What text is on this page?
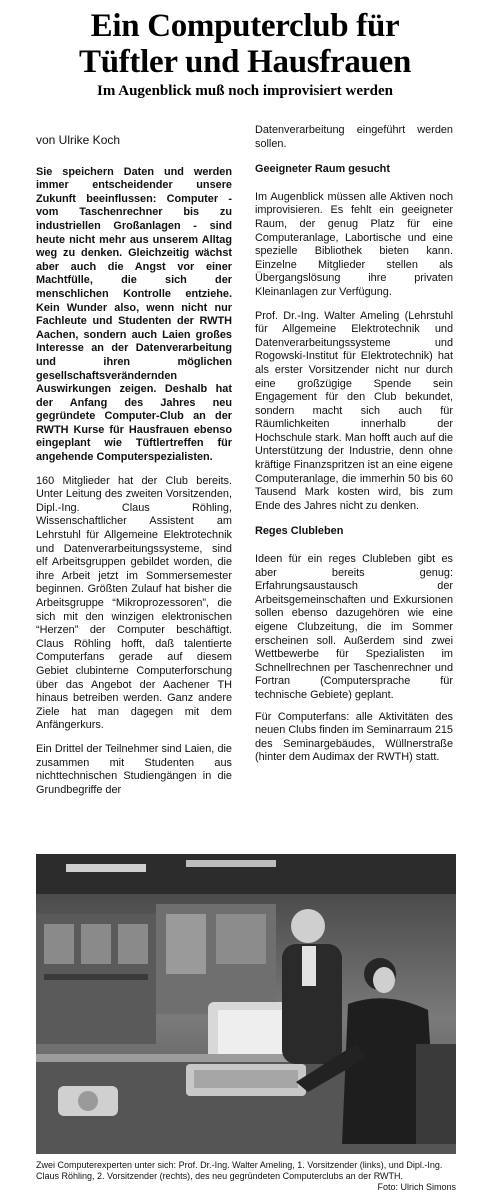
Ein Computerclub für
Tüftler und Hausfrauen
Im Augenblick muß noch improvisiert werden
von Ulrike Koch

Sie speichern Daten und werden immer entscheidender unsere Zukunft beeinflussen: Computer - vom Taschenrechner bis zu industriellen Großanlagen - sind heute nicht mehr aus unserem Alltag weg zu denken. Gleichzeitig wächst aber auch die Angst vor einer Machtfülle, die sich der menschlichen Kontrolle entziehe. Kein Wunder also, wenn nicht nur Fachleute und Studenten der RWTH Aachen, sondern auch Laien großes Interesse an der Datenverarbeitung und ihren möglichen gesellschaftsverändernden Auswirkungen zeigen. Deshalb hat der Anfang des Jahres neu gegründete Computer-Club an der RWTH Kurse für Hausfrauen ebenso eingeplant wie Tüftlertreffen für angehende Computerspezialisten.

160 Mitglieder hat der Club bereits. Unter Leitung des zweiten Vorsitzenden, Dipl.-Ing. Claus Röhling, Wissenschaftlicher Assistent am Lehrstuhl für Allgemeine Elektrotechnik und Datenverarbeitungssysteme, sind elf Arbeitsgruppen gebildet worden, die ihre Arbeit jetzt im Sommersemester beginnen. Größten Zulauf hat bisher die Arbeitsgruppe “Mikroprozessoren”, die sich mit den winzigen elektronischen “Herzen” der Computer beschäftigt. Claus Röhling hofft, daß talentierte Computerfans gerade auf diesem Gebiet clubinterne Computerforschung über das Angebot der Aachener TH hinaus betreiben werden. Ganz andere Ziele hat man dagegen mit dem Anfängerkurs.

Ein Drittel der Teilnehmer sind Laien, die zusammen mit Studenten aus nichttechnischen Studiengängen in die Grundbegriffe der

Datenverarbeitung eingeführt werden sollen.

Geeigneter Raum gesucht

Im Augenblick müssen alle Aktiven noch improvisieren. Es fehlt ein geeigneter Raum, der genug Platz für eine Computeranlage, Labortische und eine spezielle Bibliothek bieten kann. Einzelne Mitglieder stellen als Übergangslösung ihre privaten Kleinanlagen zur Verfügung.

Prof. Dr.-Ing. Walter Ameling (Lehrstuhl für Allgemeine Elektrotechnik und Datenverarbeitungssysteme und Rogowski-Institut für Elektrotechnik) hat als erster Vorsitzender nicht nur durch eine großzügige Spende sein Engagement für den Club bekundet, sondern macht sich auch für Räumlichkeiten innerhalb der Hochschule stark. Man hofft auch auf die Unterstützung der Industrie, denn ohne kräftige Finanzspritzen ist an eine eigene Computeranlage, die immerhin 50 bis 60 Tausend Mark kosten wird, bis zum Ende des Jahres nicht zu denken.

Reges Clubleben

Ideen für ein reges Clubleben gibt es aber bereits genug: Erfahrungsaustausch der Arbeitsgemeinschaften und Exkursionen sollen ebenso dazugehören wie eine eigene Clubzeitung, die im Sommer erscheinen soll. Außerdem sind zwei Wettbewerbe für Spezialisten im Schnellrechnen per Taschenrechner und Fortran (Computersprache für technische Gebiete) geplant.

Für Computerfans: alle Aktivitäten des neuen Clubs finden im Seminarraum 215 des Seminargebäudes, Wüllnerstraße (hinter dem Audimax der RWTH) statt.

Zwei Computerexperten unter sich: Prof. Dr.-Ing. Walter Ameling, 1. Vorsitzender (links), und Dipl.-Ing. Claus Röhling, 2. Vorsitzender (rechts), des neu gegründeten Computerclubs an der RWTH.
Foto: Ulrich Simons
